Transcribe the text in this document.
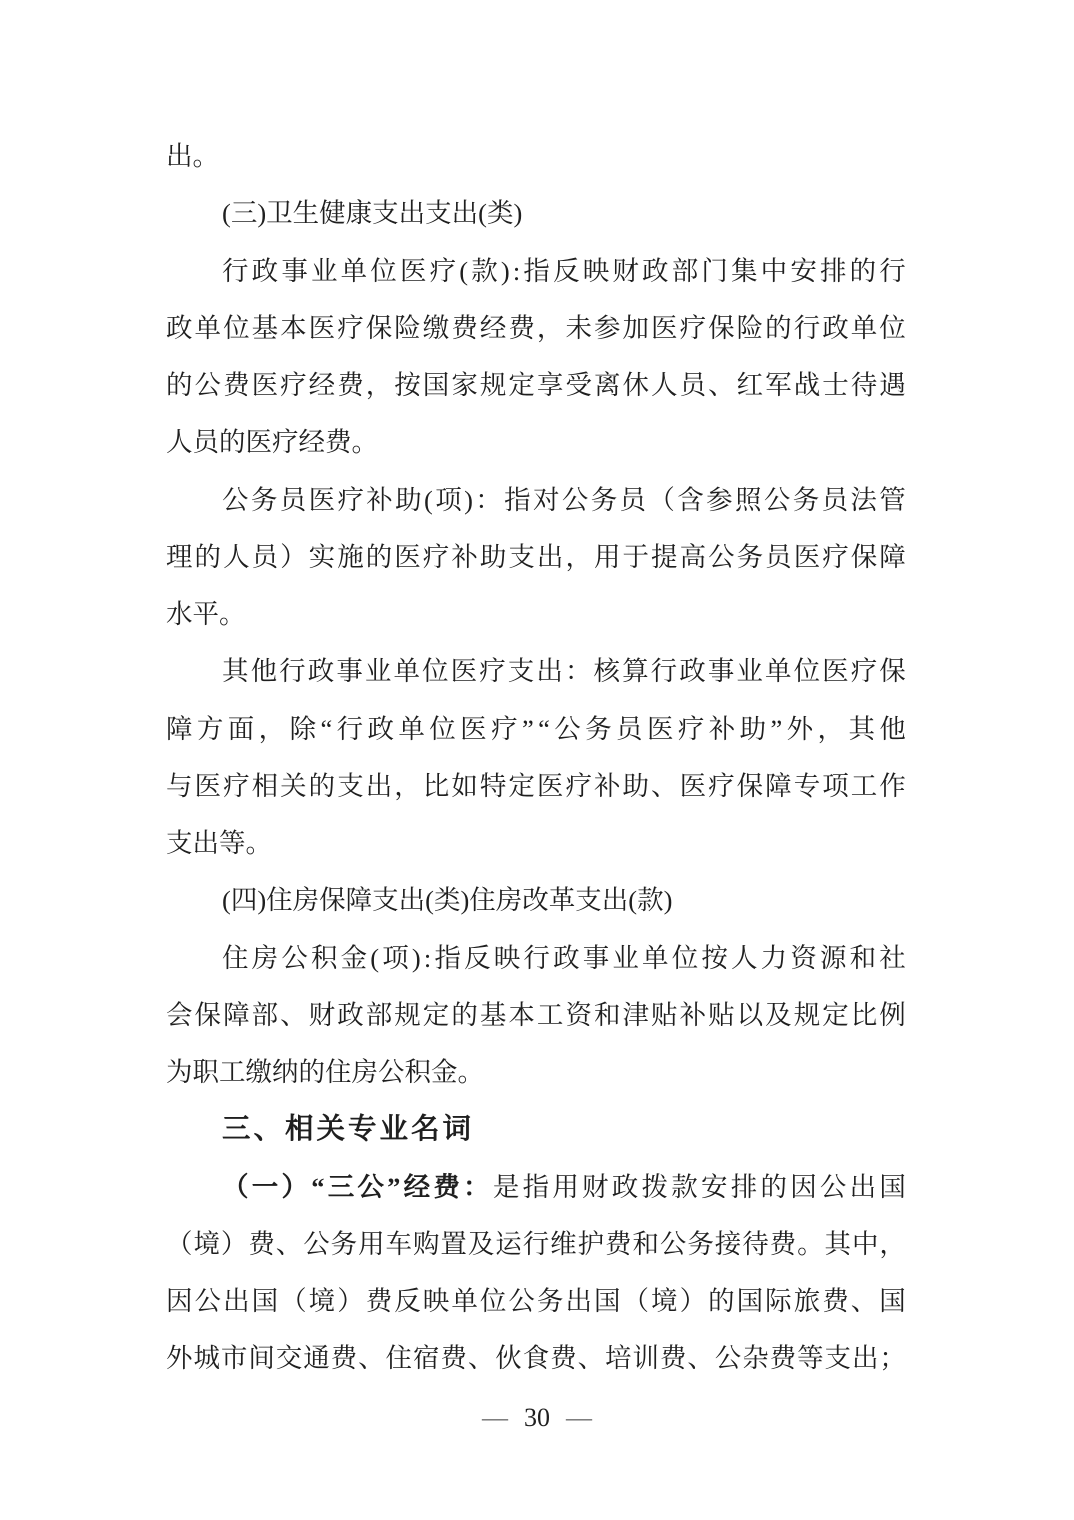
出。
(三)卫生健康支出支出(类)
行 政 事 业 单 位 医 疗 ( 款 ) : 指 反 映 财 政 部 门 集 中 安 排 的 行
政 单 位 基 本 医 疗 保 险 缴 费 经 费 ， 未 参 加 医 疗 保 险 的 行 政 单 位
的 公 费 医 疗 经 费 ， 按 国 家 规 定 享 受 离 休 人 员 、 红 军 战 士 待 遇
人员的医疗经费。
公 务 员 医 疗 补 助 ( 项 ) ： 指 对 公 务 员 （ 含 参 照 公 务 员 法 管
理 的 人 员 ） 实 施 的 医 疗 补 助 支 出 ， 用 于 提 高 公 务 员 医 疗 保 障
水平。
其 他 行 政 事 业 单 位 医 疗 支 出 ： 核 算 行 政 事 业 单 位 医 疗 保
障 方 面 ， 除 “ 行 政 单 位 医 疗 ” “ 公 务 员 医 疗 补 助 ” 外 ， 其 他
与 医 疗 相 关 的 支 出 ， 比 如 特 定 医 疗 补 助 、 医 疗 保 障 专 项 工 作
支出等。
(四)住房保障支出(类)住房改革支出(款)
住 房 公 积 金 ( 项 ) : 指 反 映 行 政 事 业 单 位 按 人 力 资 源 和 社
会 保 障 部 、 财 政 部 规 定 的 基 本 工 资 和 津 贴 补 贴 以 及 规 定 比 例
为职工缴纳的住房公积金。
三、相关专业名词
（ 一 ） “ 三 公 ” 经 费 ： 是 指 用 财 政 拨 款 安 排 的 因 公 出 国
（ 境 ） 费 、 公 务 用 车 购 置 及 运 行 维 护 费 和 公 务 接 待 费 。 其 中 ，
因 公 出 国 （ 境 ） 费 反 映 单 位 公 务 出 国 （ 境 ） 的 国 际 旅 费 、 国
外 城 市 间 交 通 费 、 住 宿 费 、 伙 食 费 、 培 训 费 、 公 杂 费 等 支 出 ；
— 30 —
